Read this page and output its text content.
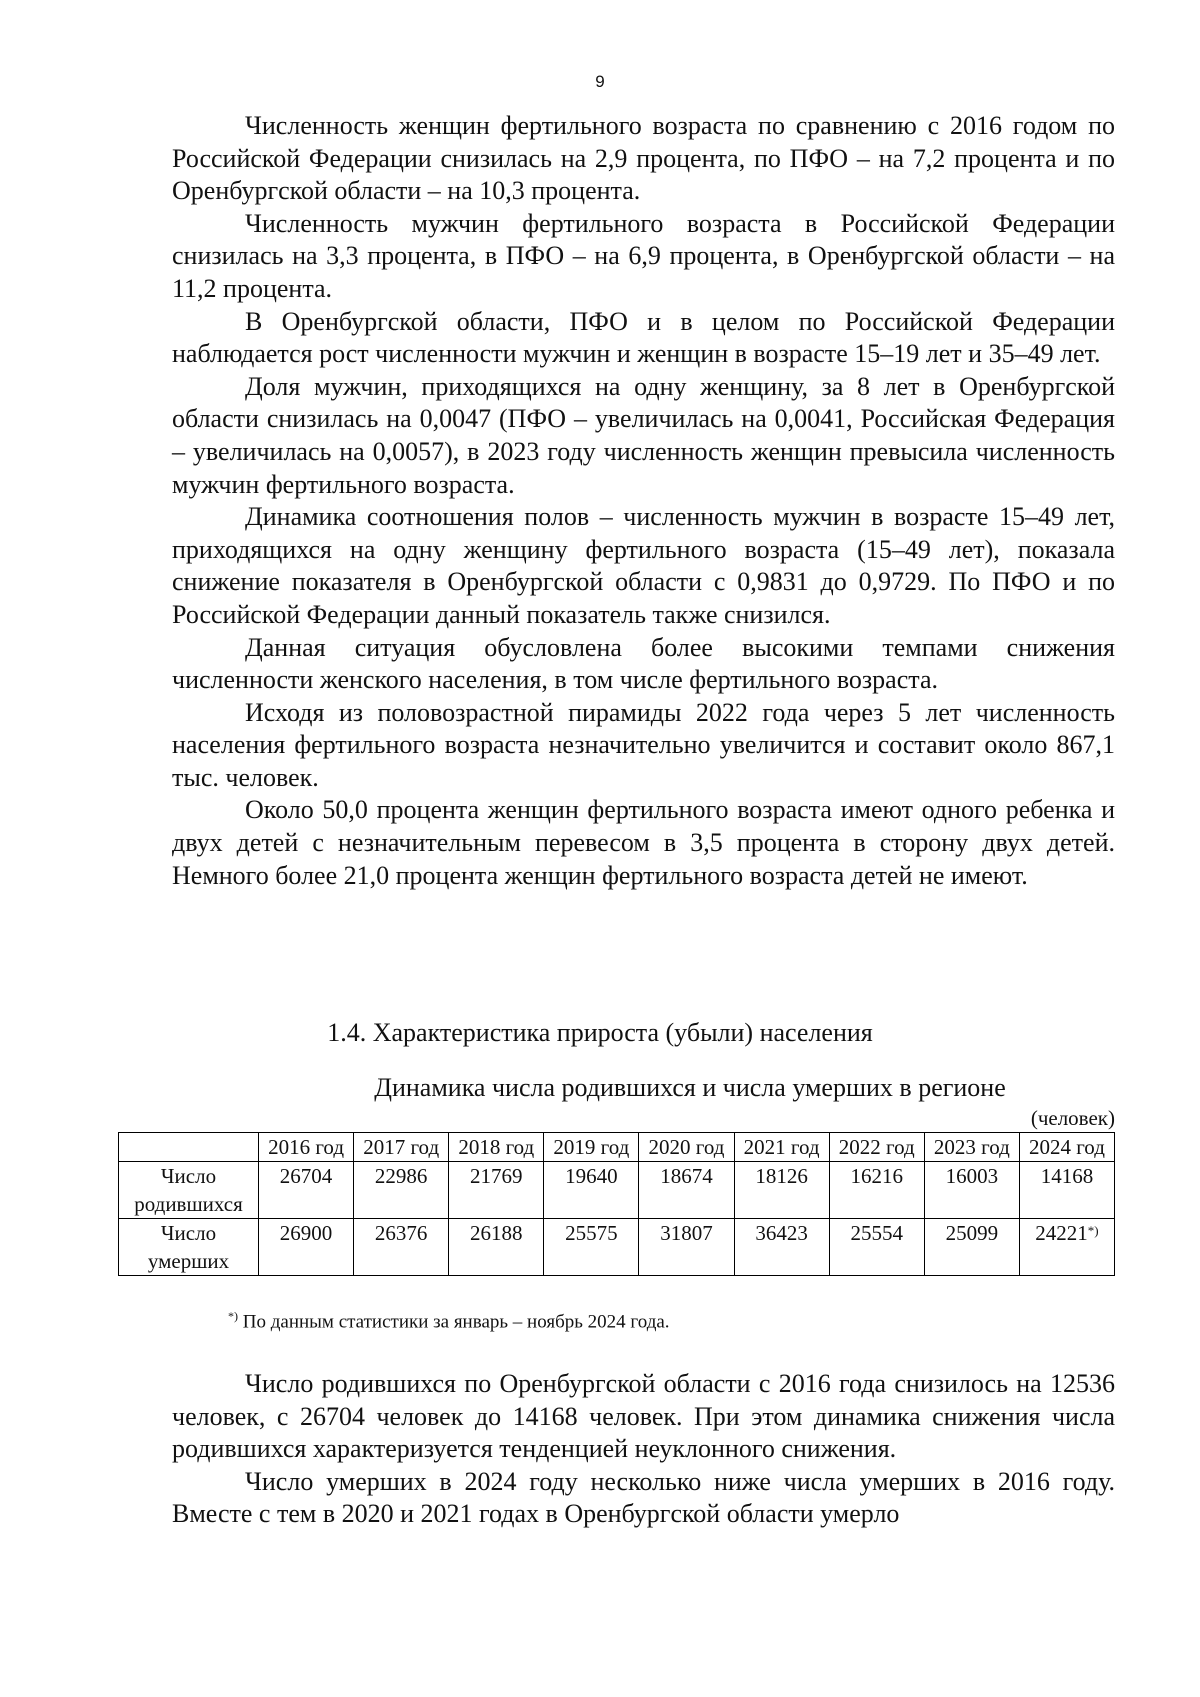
9

Численность женщин фертильного возраста по сравнению с 2016 годом по Российской Федерации снизилась на 2,9 процента, по ПФО – на 7,2 процента и по Оренбургской области – на 10,3 процента.

Численность мужчин фертильного возраста в Российской Федерации снизилась на 3,3 процента, в ПФО – на 6,9 процента, в Оренбургской области – на 11,2 процента.

В Оренбургской области, ПФО и в целом по Российской Федерации наблюдается рост численности мужчин и женщин в возрасте 15–19 лет и 35–49 лет.

Доля мужчин, приходящихся на одну женщину, за 8 лет в Оренбургской области снизилась на 0,0047 (ПФО – увеличилась на 0,0041, Российская Федерация – увеличилась на 0,0057), в 2023 году численность женщин превысила численность мужчин фертильного возраста.

Динамика соотношения полов – численность мужчин в возрасте 15–49 лет, приходящихся на одну женщину фертильного возраста (15–49 лет), показала снижение показателя в Оренбургской области с 0,9831 до 0,9729. По ПФО и по Российской Федерации данный показатель также снизился.

Данная ситуация обусловлена более высокими темпами снижения численности женского населения, в том числе фертильного возраста.

Исходя из половозрастной пирамиды 2022 года через 5 лет численность населения фертильного возраста незначительно увеличится и составит около 867,1 тыс. человек.

Около 50,0 процента женщин фертильного возраста имеют одного ребенка и двух детей с незначительным перевесом в 3,5 процента в сторону двух детей. Немного более 21,0 процента женщин фертильного возраста детей не имеют.

1.4. Характеристика прироста (убыли) населения
Динамика числа родившихся и числа умерших в регионе
(человек)
	2016 год	2017 год	2018 год	2019 год	2020 год	2021 год	2022 год	2023 год	2024 год
Число родившихся	26704	22986	21769	19640	18674	18126	16216	16003	14168
Число умерших	26900	26376	26188	25575	31807	36423	25554	25099	24221*)
*) По данным статистики за январь – ноябрь 2024 года.

Число родившихся по Оренбургской области с 2016 года снизилось на 12536 человек, с 26704 человек до 14168 человек. При этом динамика снижения числа родившихся характеризуется тенденцией неуклонного снижения.

Число умерших в 2024 году несколько ниже числа умерших в 2016 году. Вместе с тем в 2020 и 2021 годах в Оренбургской области умерло
